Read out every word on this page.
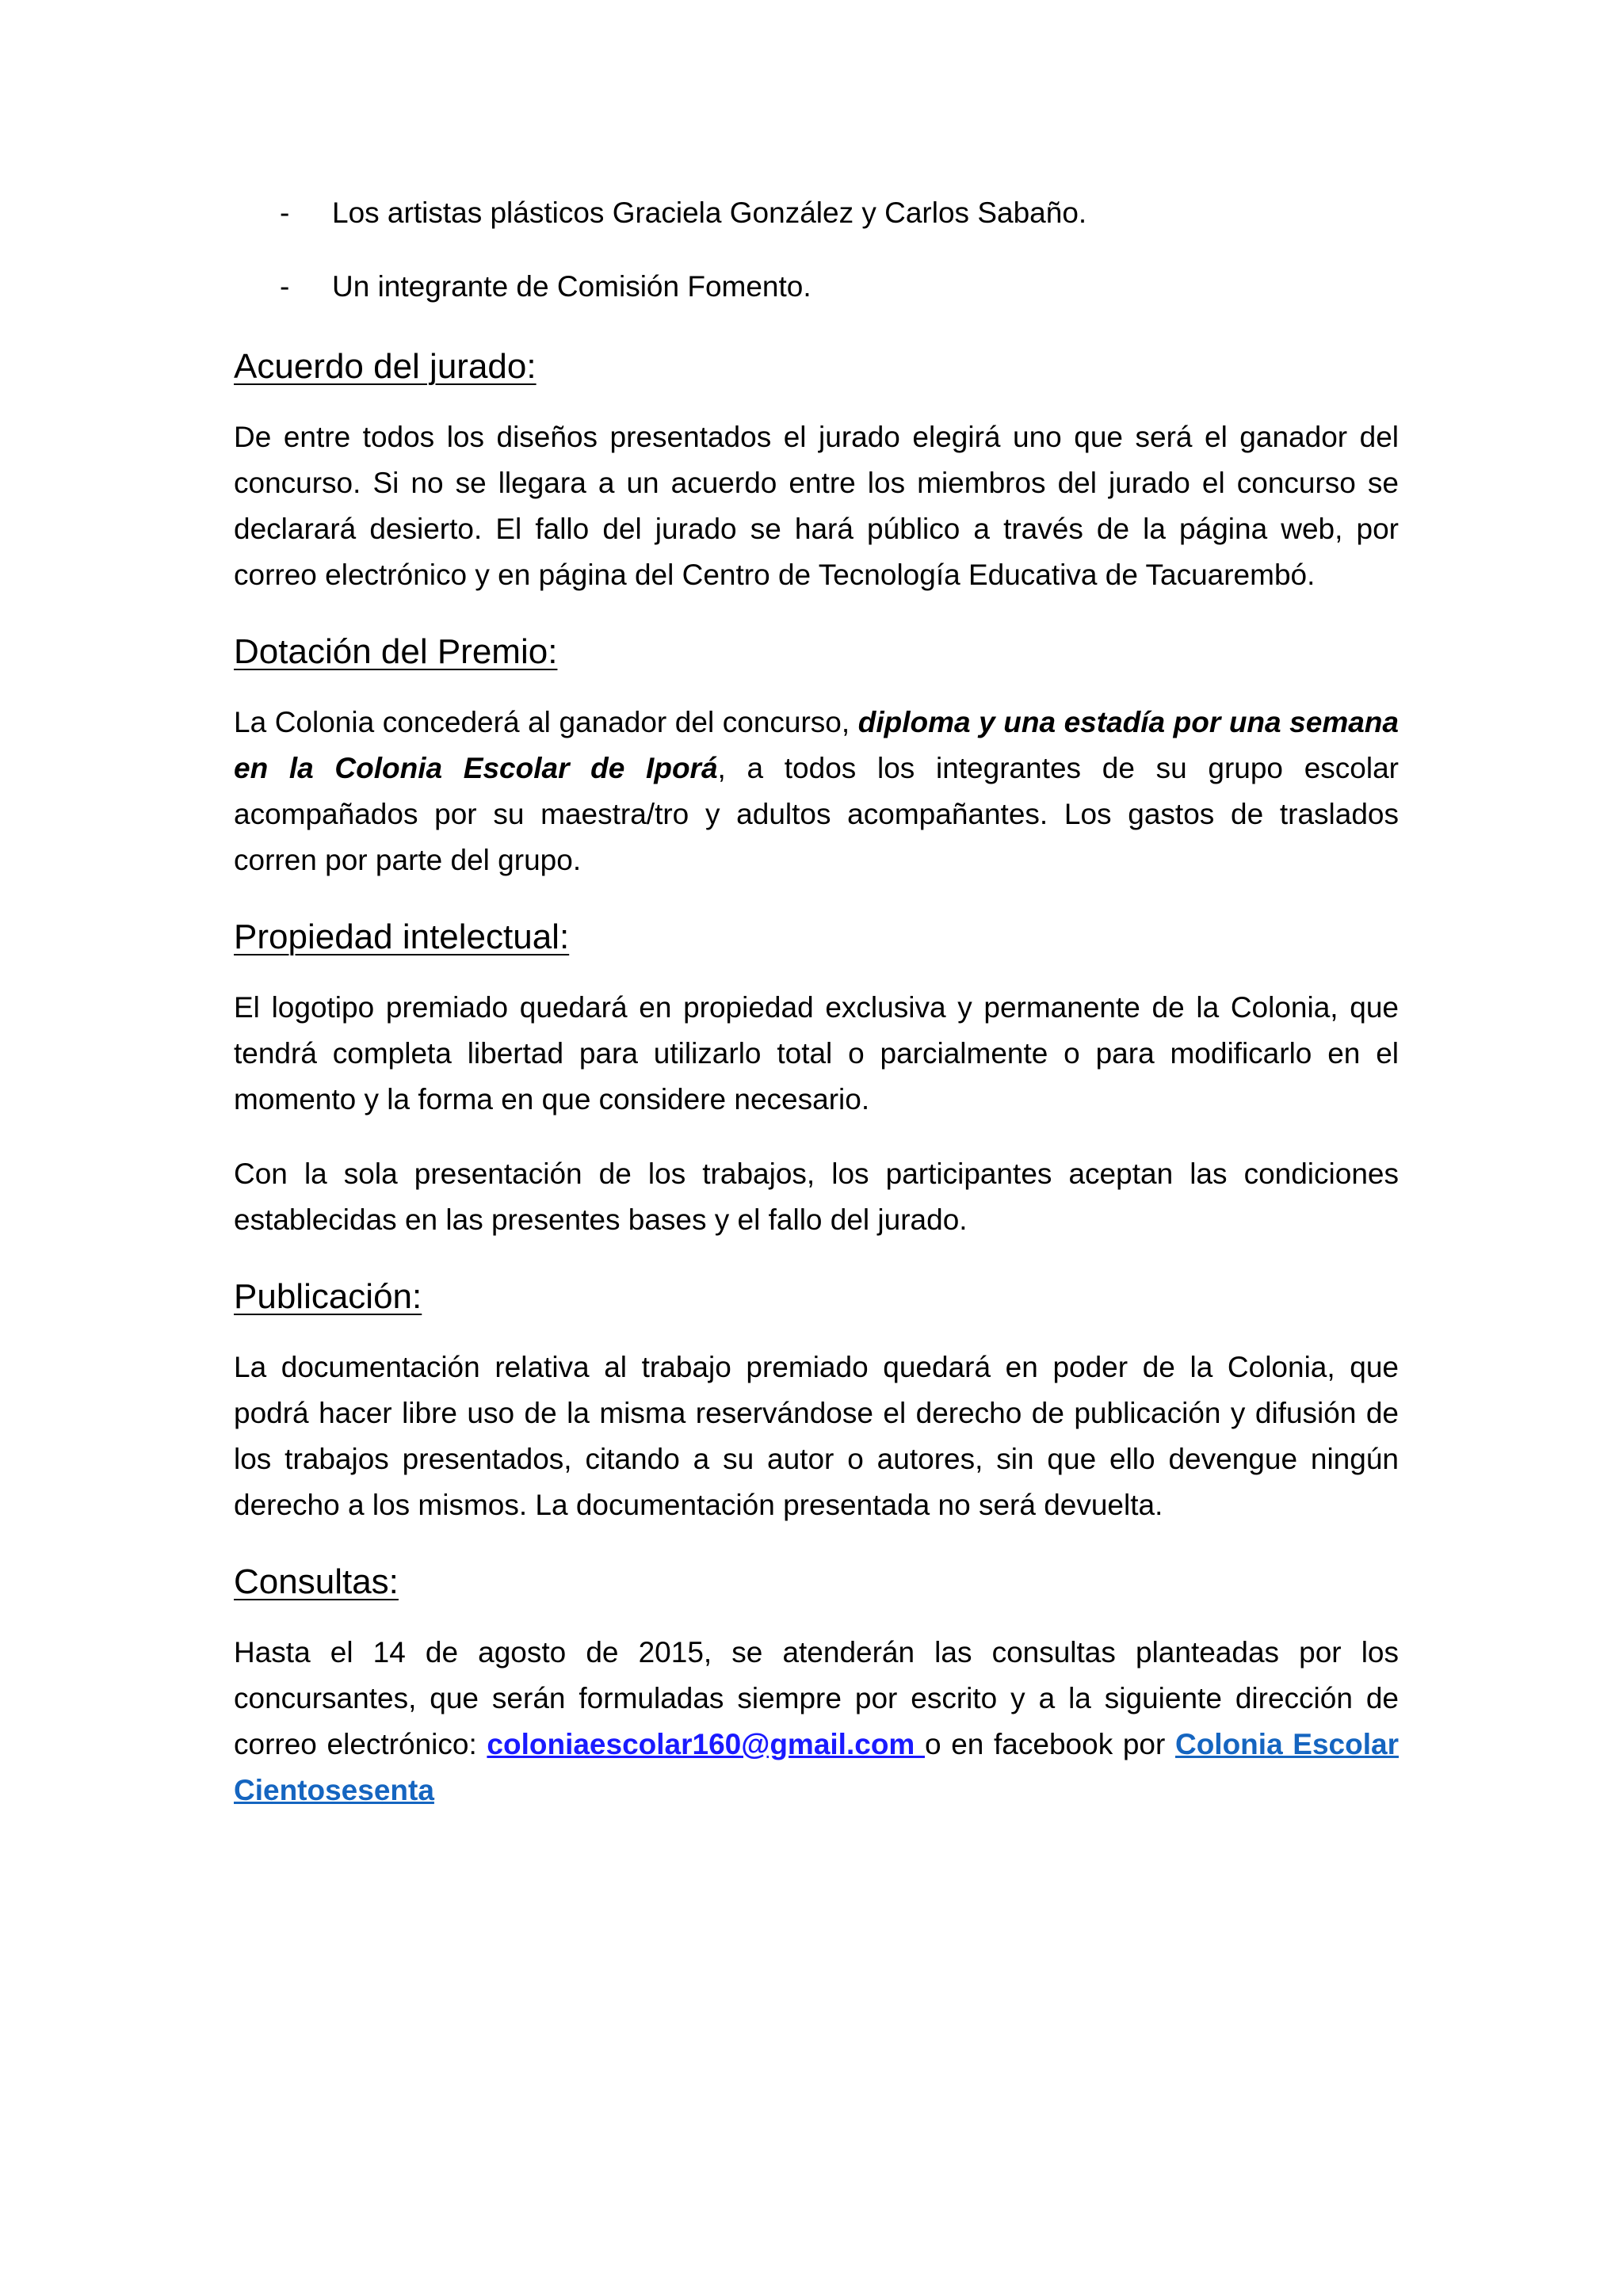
- Los artistas plásticos Graciela González y Carlos Sabaño.
- Un integrante de Comisión Fomento.
Acuerdo del jurado:

De entre todos los diseños presentados el jurado elegirá uno que será el ganador del concurso. Si no se llegara a un acuerdo entre los miembros del jurado el concurso se declarará desierto. El fallo del jurado se hará público a través de la página web, por correo electrónico y en página del Centro de Tecnología Educativa de Tacuarembó.

Dotación del Premio:

La Colonia concederá al ganador del concurso, diploma y una estadía por una semana en la Colonia Escolar de Iporá, a todos los integrantes de su grupo escolar acompañados por su maestra/tro y adultos acompañantes. Los gastos de traslados corren por parte del grupo.

Propiedad intelectual:

El logotipo premiado quedará en propiedad exclusiva y permanente de la Colonia, que tendrá completa libertad para utilizarlo total o parcialmente o para modificarlo en el momento y la forma en que considere necesario.

Con la sola presentación de los trabajos, los participantes aceptan las condiciones establecidas en las presentes bases y el fallo del jurado.

Publicación:

La documentación relativa al trabajo premiado quedará en poder de la Colonia, que podrá hacer libre uso de la misma reservándose el derecho de publicación y difusión de los trabajos presentados, citando a su autor o autores, sin que ello devengue ningún derecho a los mismos. La documentación presentada no será devuelta.

Consultas:

Hasta el 14 de agosto de 2015, se atenderán las consultas planteadas por los concursantes, que serán formuladas siempre por escrito y a la siguiente dirección de correo electrónico: coloniaescolar160@gmail.com o en facebook por Colonia Escolar Cientosesenta
